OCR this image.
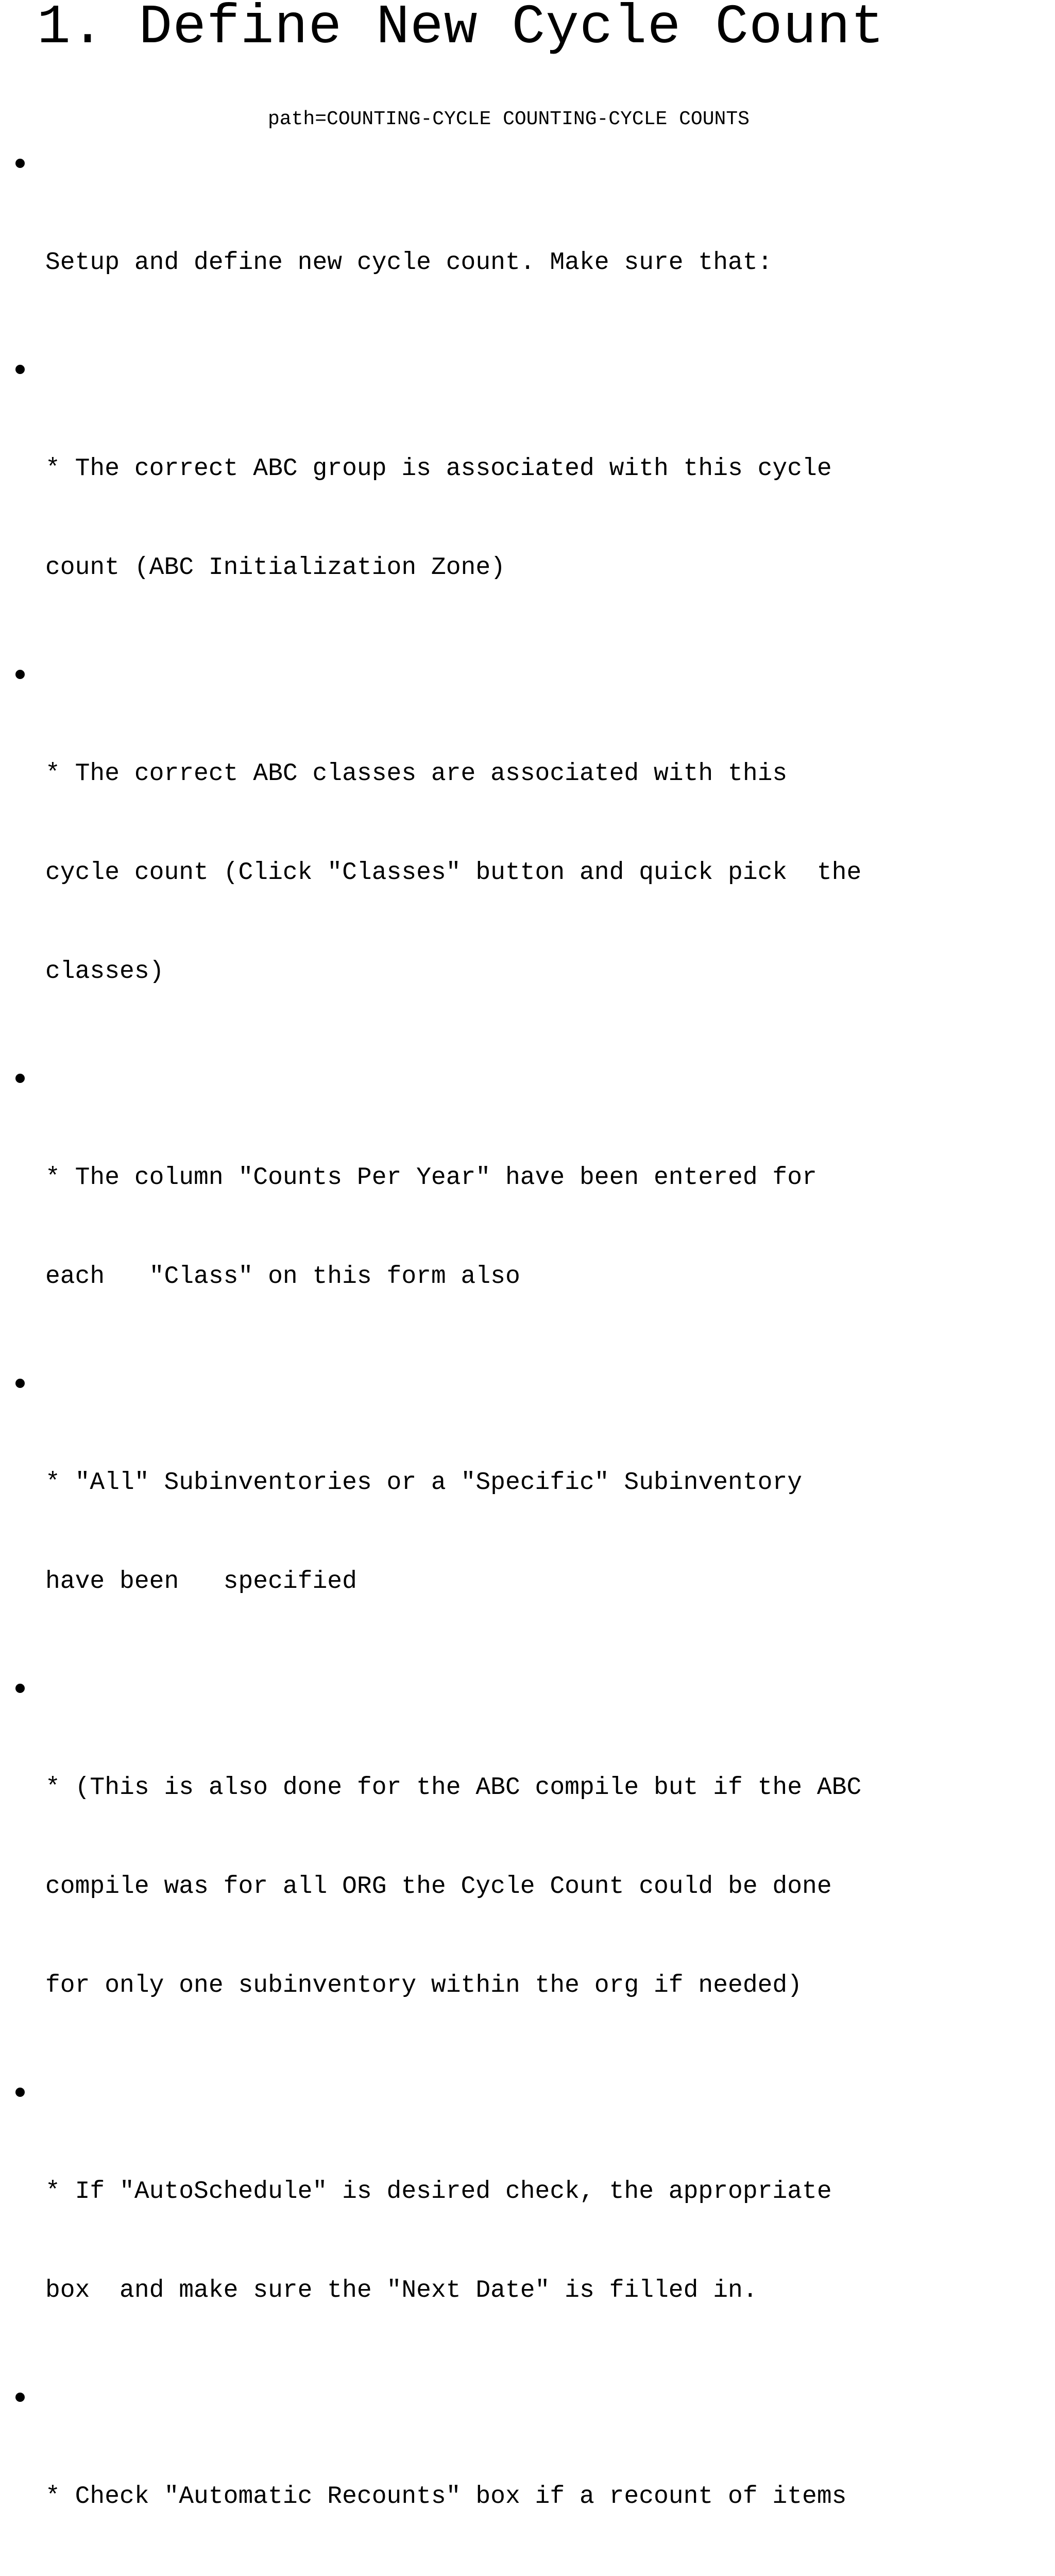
1. Define New Cycle Count
path=COUNTING-CYCLE COUNTING-CYCLE COUNTS

Setup and define new cycle count. Make sure that:

* The correct ABC group is associated with this cycle

count (ABC Initialization Zone)

* The correct ABC classes are associated with this

cycle count (Click "Classes" button and quick pick  the

classes)

* The column "Counts Per Year" have been entered for

each   "Class" on this form also

* "All" Subinventories or a "Specific" Subinventory

have been   specified

* (This is also done for the ABC compile but if the ABC

compile was for all ORG the Cycle Count could be done

for only one subinventory within the org if needed)

* If "AutoSchedule" is desired check, the appropriate

box  and make sure the "Next Date" is filled in.

* Check "Automatic Recounts" box if a recount of items
